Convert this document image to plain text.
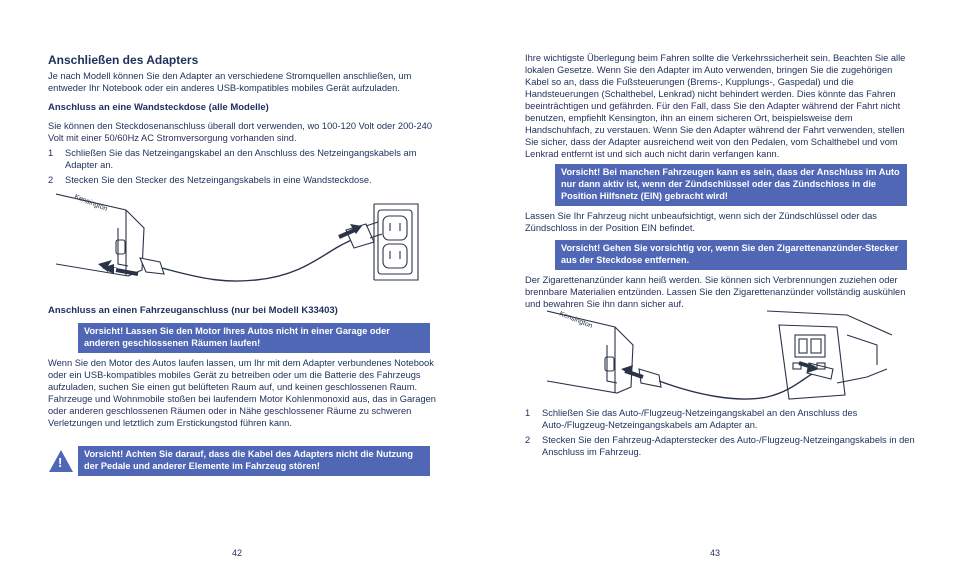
Anschließen des Adapters

Je nach Modell können Sie den Adapter an verschiedene Stromquellen anschließen, um entweder Ihr Notebook oder ein anderes USB-kompatibles mobiles Gerät aufzuladen.

Anschluss an eine Wandsteckdose (alle Modelle)

Sie können den Steckdosenanschluss überall dort verwenden, wo 100-120 Volt oder 200-240 Volt mit einer 50/60Hz AC Stromversorgung vorhanden sind.

1 Schließen Sie das Netzeingangskabel an den Anschluss des Netzeingangskabels am Adapter an.
2 Stecken Sie den Stecker des Netzeingangskabels in eine Wandsteckdose.
Kensington
Anschluss an einen Fahrzeuganschluss (nur bei Modell K33403)
Vorsicht! Lassen Sie den Motor Ihres Autos nicht in einer Garage oder anderen geschlossenen Räumen laufen!

Wenn Sie den Motor des Autos laufen lassen, um Ihr mit dem Adapter verbundenes Notebook oder ein USB-kompatibles mobiles Gerät zu betreiben oder um die Batterie des Fahrzeugs aufzuladen, suchen Sie einen gut belüfteten Raum auf, und keinen geschlossenen Raum. Fahrzeuge und Wohnmobile stoßen bei laufendem Motor Kohlenmonoxid aus, das in Garagen oder anderen geschlossenen Räumen oder in Nähe geschlossener Räume zu schweren Verletzungen und letztlich zum Erstickungstod führen kann.

!
Vorsicht! Achten Sie darauf, dass die Kabel des Adapters nicht die Nutzung der Pedale und anderer Elemente im Fahrzeug stören!
42

Ihre wichtigste Überlegung beim Fahren sollte die Verkehrssicherheit sein. Beachten Sie alle lokalen Gesetze. Wenn Sie den Adapter im Auto verwenden, bringen Sie die zugehörigen Kabel so an, dass die Fußsteuerungen (Brems-, Kupplungs-, Gaspedal) und die Handsteuerungen (Schalthebel, Lenkrad) nicht behindert werden. Dies könnte das Fahren beeinträchtigen und gefährden. Für den Fall, dass Sie den Adapter während der Fahrt nicht benutzen, empfiehlt Kensington, ihn an einem sicheren Ort, beispielsweise dem Handschuhfach, zu verstauen. Wenn Sie den Adapter während der Fahrt verwenden, stellen Sie sicher, dass der Adapter ausreichend weit von den Pedalen, vom Schalthebel und vom Lenkrad entfernt ist und sich auch nicht darin verfangen kann.

Vorsicht! Bei manchen Fahrzeugen kann es sein, dass der Anschluss im Auto nur dann aktiv ist, wenn der Zündschlüssel oder das Zündschloss in die Position Hilfsnetz (EIN) gebracht wird!

Lassen Sie Ihr Fahrzeug nicht unbeaufsichtigt, wenn sich der Zündschlüssel oder das Zündschloss in der Position EIN befindet.

Vorsicht! Gehen Sie vorsichtig vor, wenn Sie den Zigarettenanzünder-Stecker aus der Steckdose entfernen.

Der Zigarettenanzünder kann heiß werden. Sie können sich Verbrennungen zuziehen oder brennbare Materialien entzünden. Lassen Sie den Zigarettenanzünder vollständig auskühlen und bewahren Sie ihn dann sicher auf.

Kensington
1 Schließen Sie das Auto-/Flugzeug-Netzeingangskabel an den Anschluss des Auto-/Flugzeug-Netzeingangskabels am Adapter an.
2 Stecken Sie den Fahrzeug-Adapterstecker des Auto-/Flugzeug-Netzeingangskabels in den Anschluss im Fahrzeug.
43
